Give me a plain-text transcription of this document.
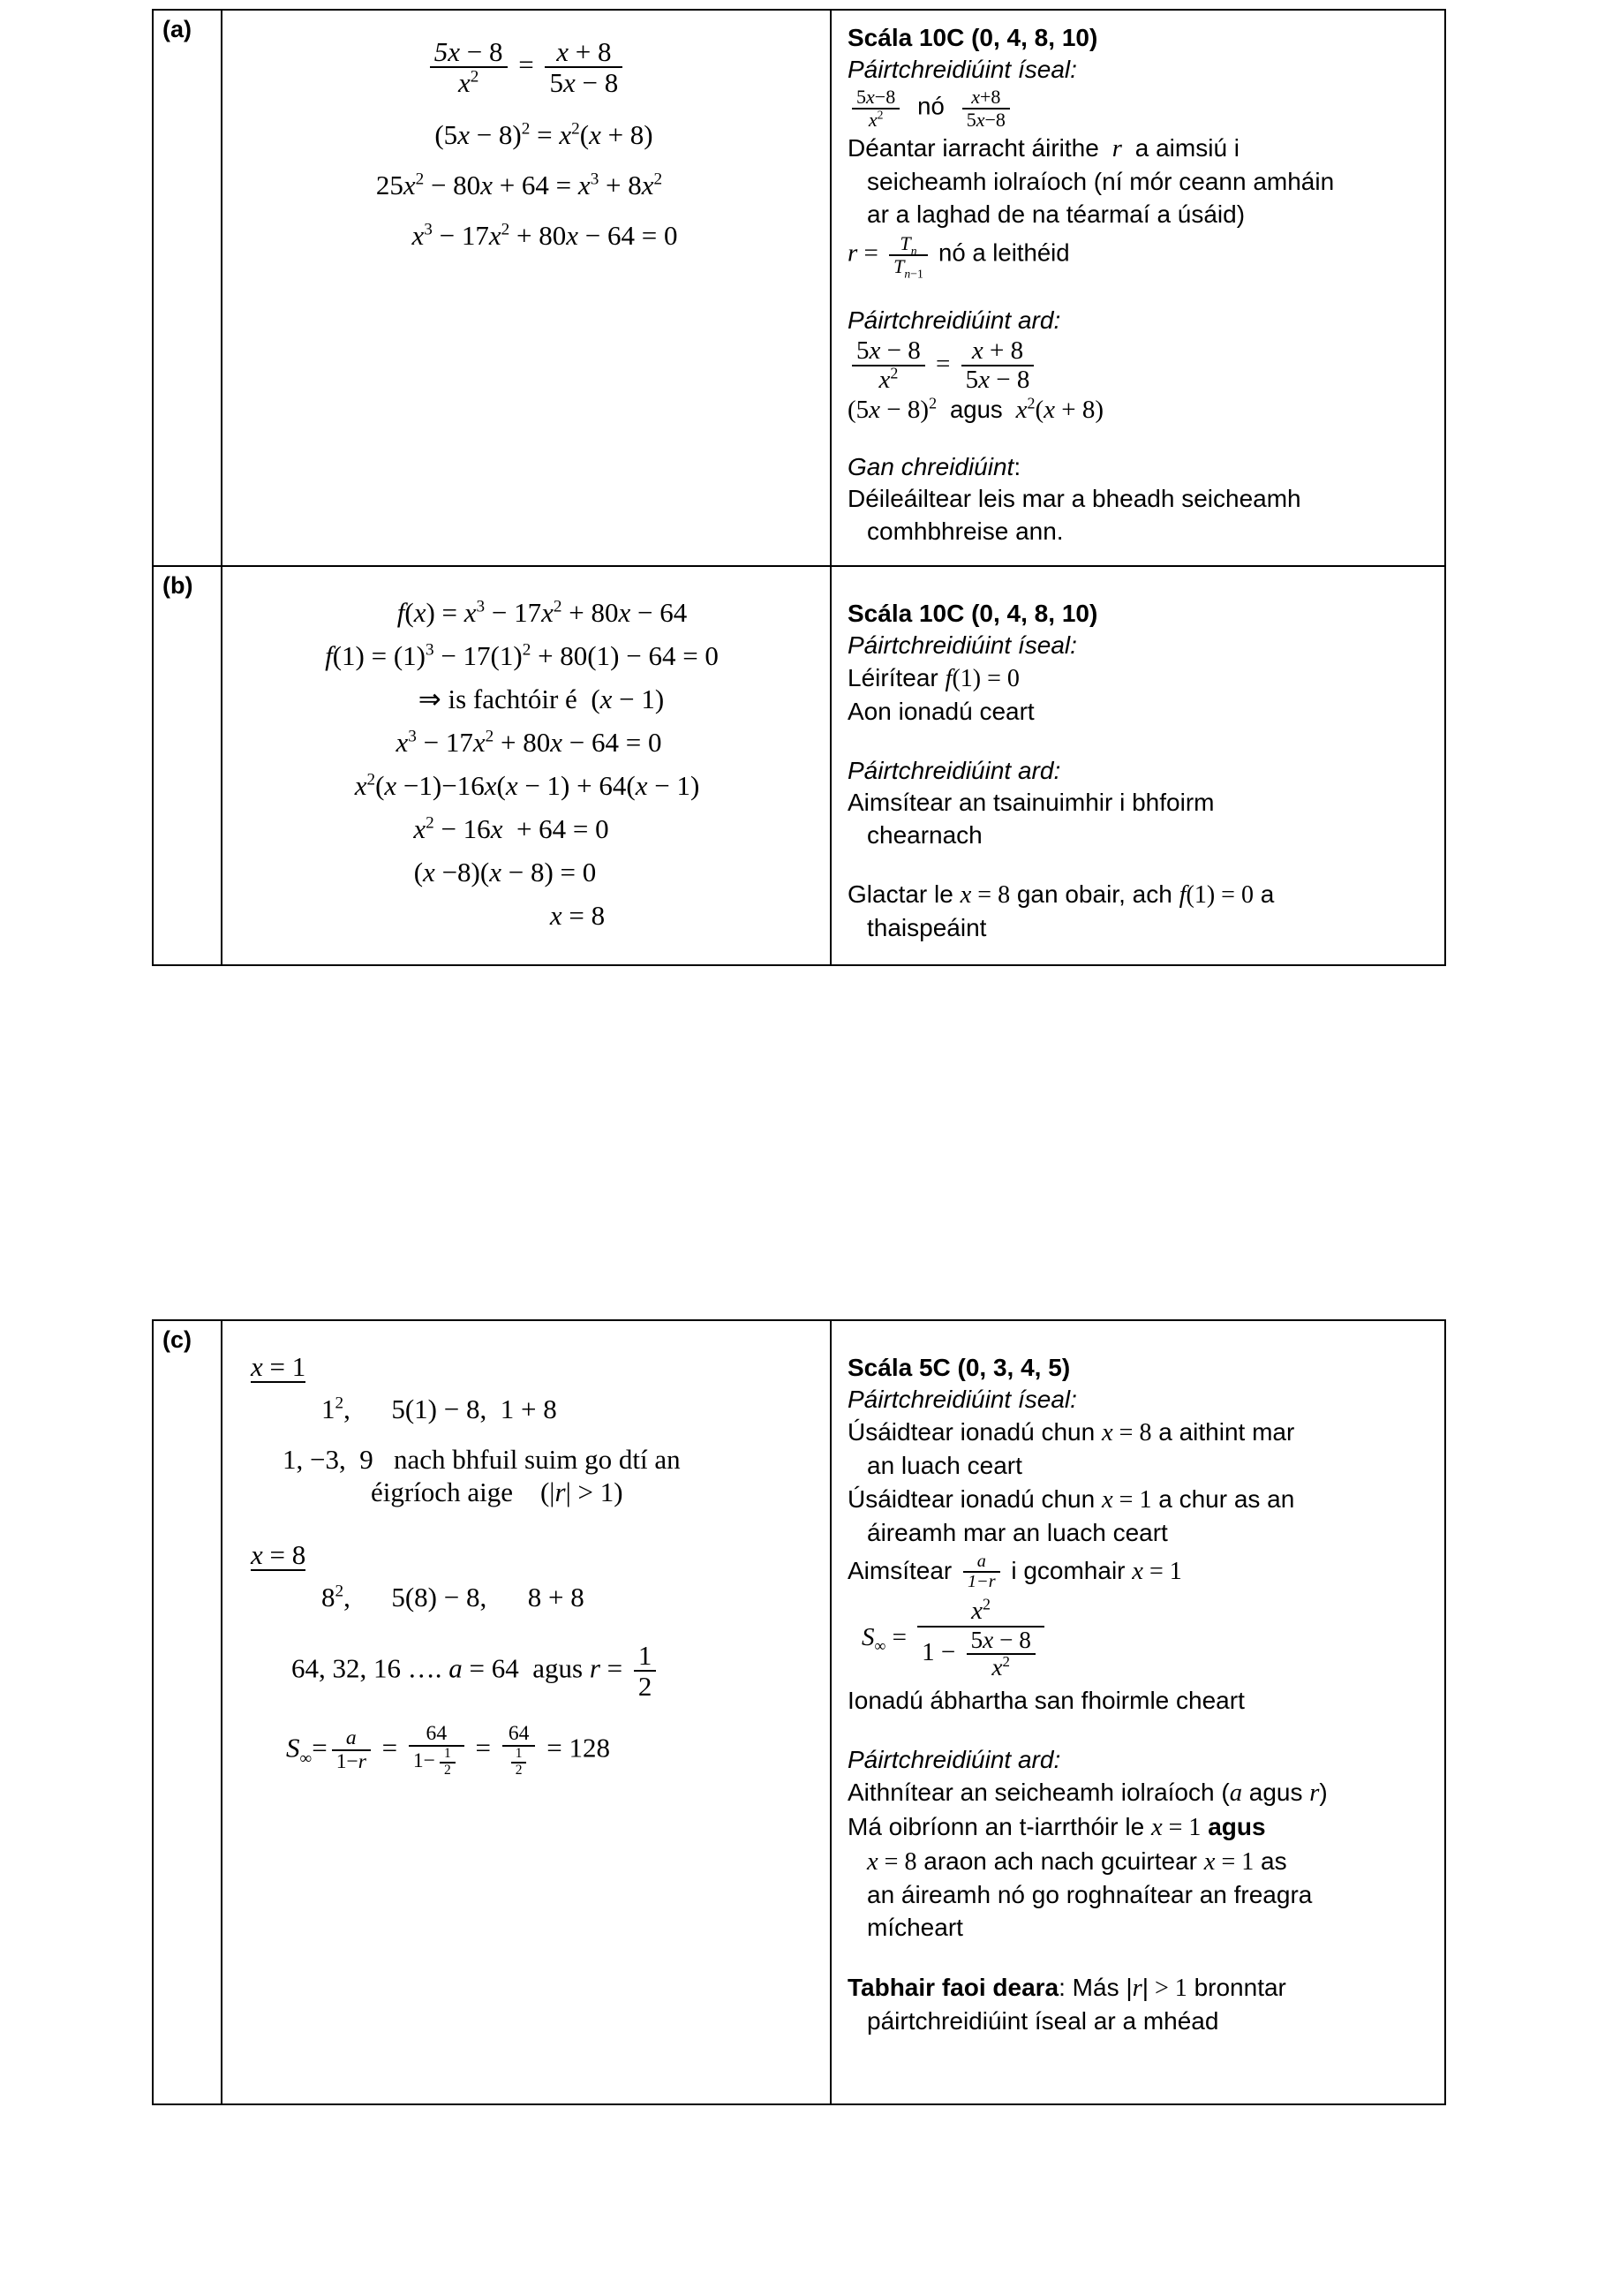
(a)
$\frac{5x - 8}{x^2} = \frac{x + 8}{5x - 8}$
$(5x - 8)^2 = x^2(x + 8)$
$25x^2 - 80x + 64 = x^3 + 8x^2$
$x^3 - 17x^2 + 80x - 64 = 0$
Scála 10C (0, 4, 8, 10)
Páirtchreidiúint íseal:
$\frac{5x-8}{x^2}$ nó $\frac{x+8}{5x-8}$
Déantar iarracht áirithe  r  a aimsiú i
seicheamh iolraíoch (ní mór ceann amháin
ar a laghad de na téarmaí a úsáid)
$r = \frac{T_n}{T_{n-1}}$ nó a leithéid
Páirtchreidiúint ard:
$\frac{5x - 8}{x^2} = \frac{x + 8}{5x - 8}$
$(5x - 8)^2$  agus  $x^2(x + 8)$
Gan chreidiúint:
Déileáiltear leis mar a bheadh seicheamh
comhbhreise ann.
(b)
$f(x) = x^3 - 17x^2 + 80x - 64$
$f(1) = (1)^3 - 17(1)^2 + 80(1) - 64 = 0$
⇒ is fachtóir é  (x − 1)
$x^3 - 17x^2 + 80x - 64 = 0$
$x^2(x -1)-16x(x - 1) + 64(x - 1)$
$x^2 - 16x + 64 = 0$
(x −8)(x − 8) = 0
x = 8
Scála 10C (0, 4, 8, 10)
Páirtchreidiúint íseal:
Léirítear f(1) = 0
Aon ionadú ceart
Páirtchreidiúint ard:
Aimsítear an tsainuimhir i bhfoirm
chearnach
Glactar le x = 8 gan obair, ach f(1) = 0 a
thaispeáint
(c)
x = 1
$1^2$,      5(1) − 8,  1 + 8
1, −3,  9   nach bhfuil suim go dtí an
éigríoch aige    (|r| > 1)
x = 8
$8^2$,      5(8) − 8,      8 + 8
64, 32, 16 …. a = 64  agus $r = \frac{1}{2}$
$S_\infty= \frac{a}{1-r} = \frac{64}{1- \frac{1}{2}} = \frac{64}{\frac{1}{2}} = 128$
Scála 5C (0, 3, 4, 5)
Páirtchreidiúint íseal:
Úsáidtear ionadú chun x = 8 a aithint mar
an luach ceart
Úsáidtear ionadú chun x = 1 a chur as an
áireamh mar an luach ceart
Aimsítear $\frac{a}{1-r}$ i gcomhair x = 1
$S_\infty = \frac{x^2}{1 - \frac{5x - 8}{x^2}}$
Ionadú ábhartha san fhoirmle cheart
Páirtchreidiúint ard:
Aithnítear an seicheamh iolraíoch (a agus r)
Má oibríonn an t-iarrthóir le x = 1 agus
x = 8 araon ach nach gcuirtear x = 1 as
an áireamh nó go roghnaítear an freagra
mícheart
Tabhair faoi deara: Más |r| > 1 bronntar
páirtchreidiúint íseal ar a mhéad
